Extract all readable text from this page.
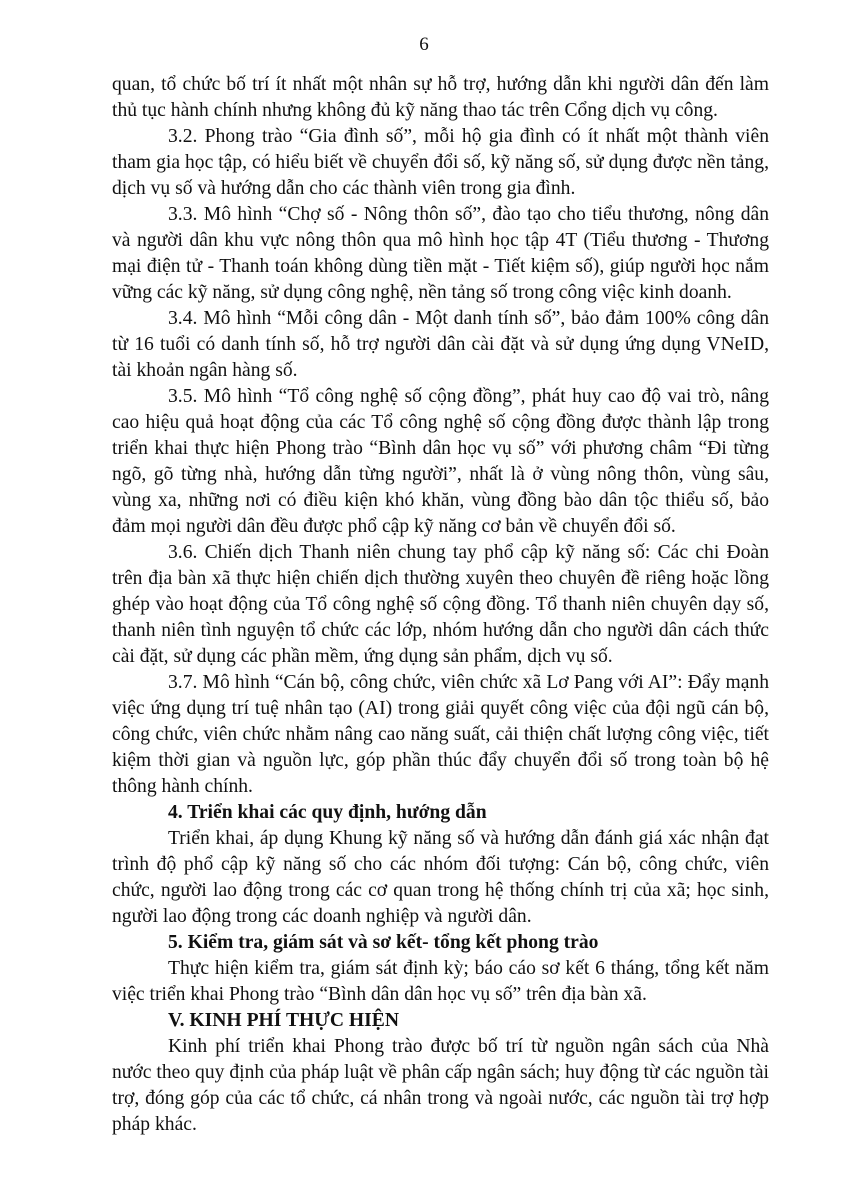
6

quan, tổ chức bố trí ít nhất một nhân sự hỗ trợ, hướng dẫn khi người dân đến làm thủ tục hành chính nhưng không đủ kỹ năng thao tác trên Cổng dịch vụ công.

3.2. Phong trào “Gia đình số”, mỗi hộ gia đình có ít nhất một thành viên tham gia học tập, có hiểu biết về chuyển đổi số, kỹ năng số, sử dụng được nền tảng, dịch vụ số và hướng dẫn cho các thành viên trong gia đình.

3.3. Mô hình “Chợ số - Nông thôn số”, đào tạo cho tiểu thương, nông dân và người dân khu vực nông thôn qua mô hình học tập 4T (Tiểu thương - Thương mại điện tử - Thanh toán không dùng tiền mặt - Tiết kiệm số), giúp người học nắm vững các kỹ năng, sử dụng công nghệ, nền tảng số trong công việc kinh doanh.

3.4. Mô hình “Mỗi công dân - Một danh tính số”, bảo đảm 100% công dân từ 16 tuổi có danh tính số, hỗ trợ người dân cài đặt và sử dụng ứng dụng VNeID, tài khoản ngân hàng số.

3.5. Mô hình “Tổ công nghệ số cộng đồng”, phát huy cao độ vai trò, nâng cao hiệu quả hoạt động của các Tổ công nghệ số cộng đồng được thành lập trong triển khai thực hiện Phong trào “Bình dân học vụ số” với phương châm “Đi từng ngõ, gõ từng nhà, hướng dẫn từng người”, nhất là ở vùng nông thôn, vùng sâu, vùng xa, những nơi có điều kiện khó khăn, vùng đồng bào dân tộc thiểu số, bảo đảm mọi người dân đều được phổ cập kỹ năng cơ bản về chuyển đổi số.

3.6. Chiến dịch Thanh niên chung tay phổ cập kỹ năng số: Các chi Đoàn trên địa bàn xã thực hiện chiến dịch thường xuyên theo chuyên đề riêng hoặc lồng ghép vào hoạt động của Tổ công nghệ số cộng đồng. Tổ thanh niên chuyên dạy số, thanh niên tình nguyện tổ chức các lớp, nhóm hướng dẫn cho người dân cách thức cài đặt, sử dụng các phần mềm, ứng dụng sản phẩm, dịch vụ số.

3.7. Mô hình “Cán bộ, công chức, viên chức xã Lơ Pang với AI”: Đẩy mạnh việc ứng dụng trí tuệ nhân tạo (AI) trong giải quyết công việc của đội ngũ cán bộ, công chức, viên chức nhằm nâng cao năng suất, cải thiện chất lượng công việc, tiết kiệm thời gian và nguồn lực, góp phần thúc đẩy chuyển đổi số trong toàn bộ hệ thông hành chính.

4. Triển khai các quy định, hướng dẫn

Triển khai, áp dụng Khung kỹ năng số và hướng dẫn đánh giá xác nhận đạt trình độ phổ cập kỹ năng số cho các nhóm đối tượng: Cán bộ, công chức, viên chức, người lao động trong các cơ quan trong hệ thống chính trị của xã; học sinh, người lao động trong các doanh nghiệp và người dân.

5. Kiểm tra, giám sát và sơ kết- tổng kết phong trào

Thực hiện kiểm tra, giám sát định kỳ; báo cáo sơ kết 6 tháng, tổng kết năm việc triển khai Phong trào “Bình dân dân học vụ số” trên địa bàn xã.

V. KINH PHÍ THỰC HIỆN

Kinh phí triển khai Phong trào được bố trí từ nguồn ngân sách của Nhà nước theo quy định của pháp luật về phân cấp ngân sách; huy động từ các nguồn tài trợ, đóng góp của các tổ chức, cá nhân trong và ngoài nước, các nguồn tài trợ hợp pháp khác.
